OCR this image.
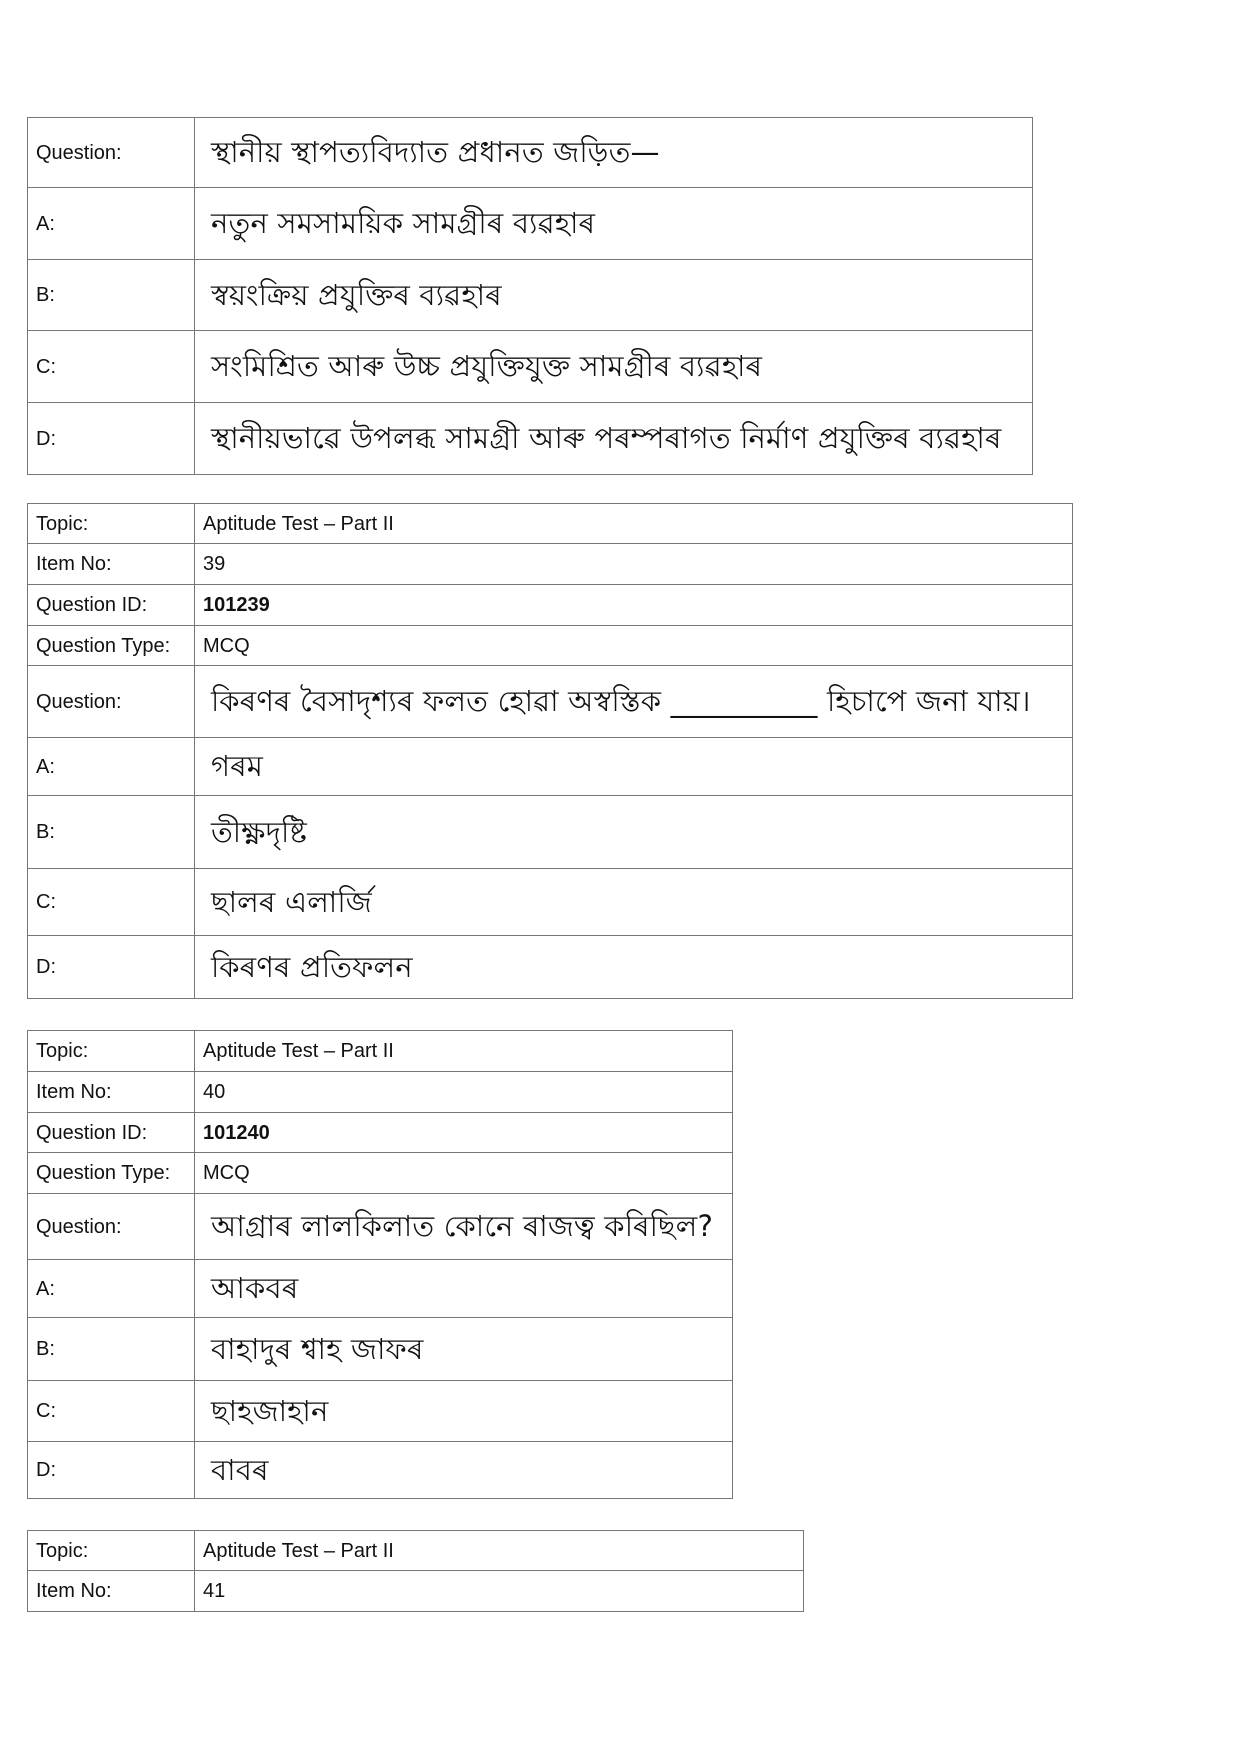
Question:	স্থানীয় স্থাপত্যবিদ্যাত প্ৰধানত জড়িত—
A:	নতুন সমসাময়িক সামগ্ৰীৰ ব্যৱহাৰ
B:	স্বয়ংক্ৰিয় প্ৰযুক্তিৰ ব্যৱহাৰ
C:	সংমিশ্ৰিত আৰু উচ্চ প্ৰযুক্তিযুক্ত সামগ্ৰীৰ ব্যৱহাৰ
D:	স্থানীয়ভাৱে উপলব্ধ সামগ্ৰী আৰু পৰম্পৰাগত নিৰ্মাণ প্ৰযুক্তিৰ ব্যৱহাৰ
Topic:	Aptitude Test – Part II
Item No:	39
Question ID:	101239
Question Type:	MCQ
Question:	কিৰণৰ বৈসাদৃশ্যৰ ফলত হোৱা অস্বস্তিক __________ হিচাপে জনা যায়।
A:	গৰম
B:	তীক্ষ্ণদৃষ্টি
C:	ছালৰ এলাৰ্জি
D:	কিৰণৰ প্ৰতিফলন
Topic:	Aptitude Test – Part II
Item No:	40
Question ID:	101240
Question Type:	MCQ
Question:	আগ্ৰাৰ লালকিলাত কোনে ৰাজত্ব কৰিছিল?
A:	আকবৰ
B:	বাহাদুৰ শ্বাহ জাফৰ
C:	ছাহজাহান
D:	বাবৰ
Topic:	Aptitude Test – Part II
Item No:	41
